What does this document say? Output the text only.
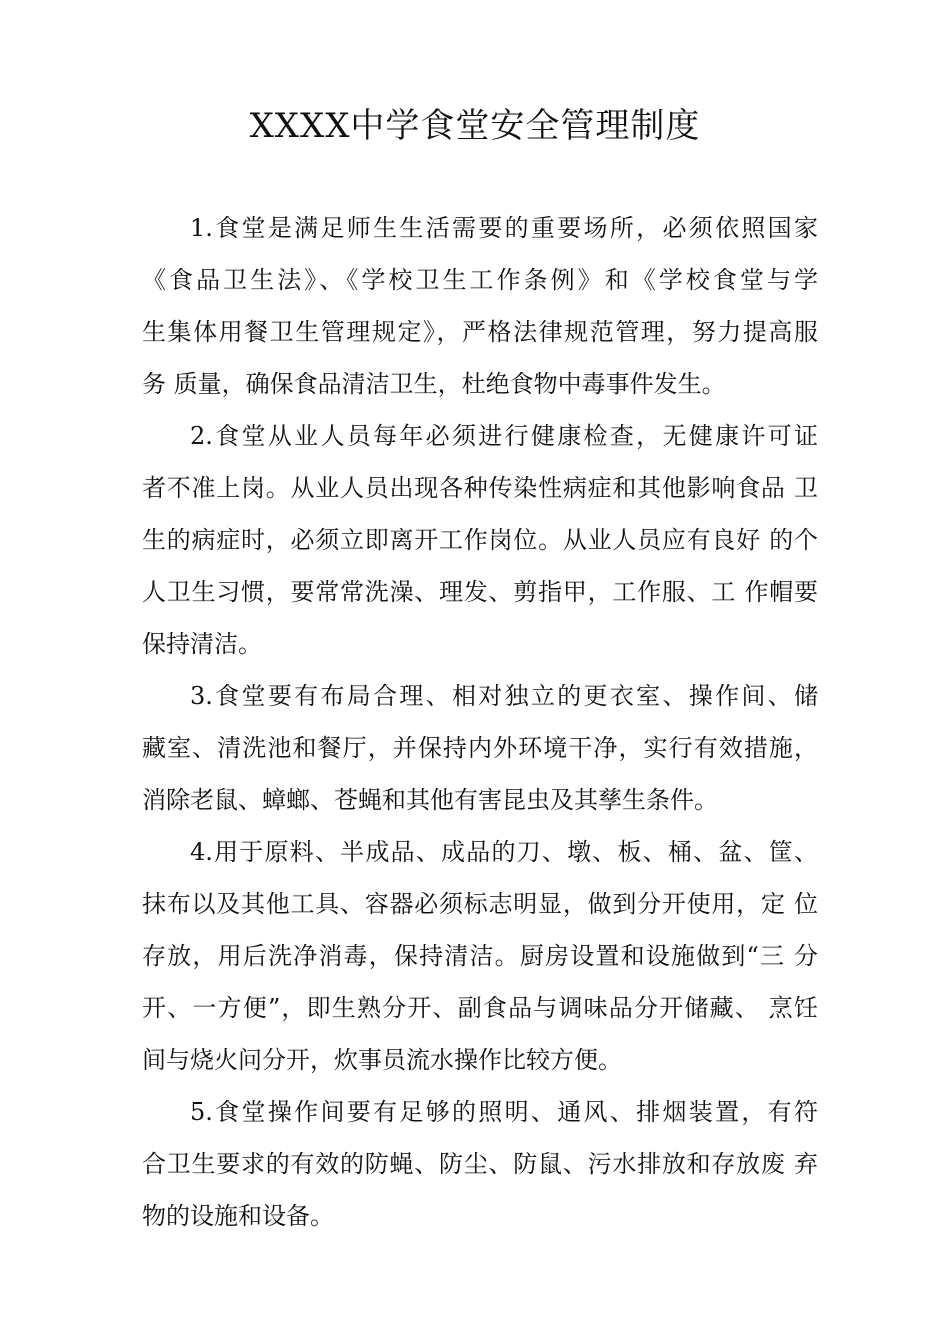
XXXX中学食堂安全管理制度
1.食堂是满足师生生活需要的重要场所，必须依照国家
《食品卫生法》、《学校卫生工作条例》和《学校食堂与学
生集体用餐卫生管理规定》，严格法律规范管理，努力提高服
务 质量，确保食品清洁卫生，杜绝食物中毒事件发生。
2.食堂从业人员每年必须进行健康检查，无健康许可证
者不准上岗。从业人员出现各种传染性病症和其他影响食品 卫
生的病症时，必须立即离开工作岗位。从业人员应有良好 的个
人卫生习惯，要常常洗澡、理发、剪指甲，工作服、工 作帽要
保持清洁。
3.食堂要有布局合理、相对独立的更衣室、操作间、储
藏室、清洗池和餐厅，并保持内外环境干净，实行有效措施，
消除老鼠、蟑螂、苍蝇和其他有害昆虫及其孳生条件。
4.用于原料、半成品、成品的刀、墩、板、桶、盆、筐、
抹布以及其他工具、容器必须标志明显，做到分开使用，定 位
存放，用后洗净消毒，保持清洁。厨房设置和设施做到“三 分
开、一方便”，即生熟分开、副食品与调味品分开储藏、 烹饪
间与烧火问分开，炊事员流水操作比较方便。
5.食堂操作间要有足够的照明、通风、排烟装置，有符
合卫生要求的有效的防蝇、防尘、防鼠、污水排放和存放废 弃
物的设施和设备。
